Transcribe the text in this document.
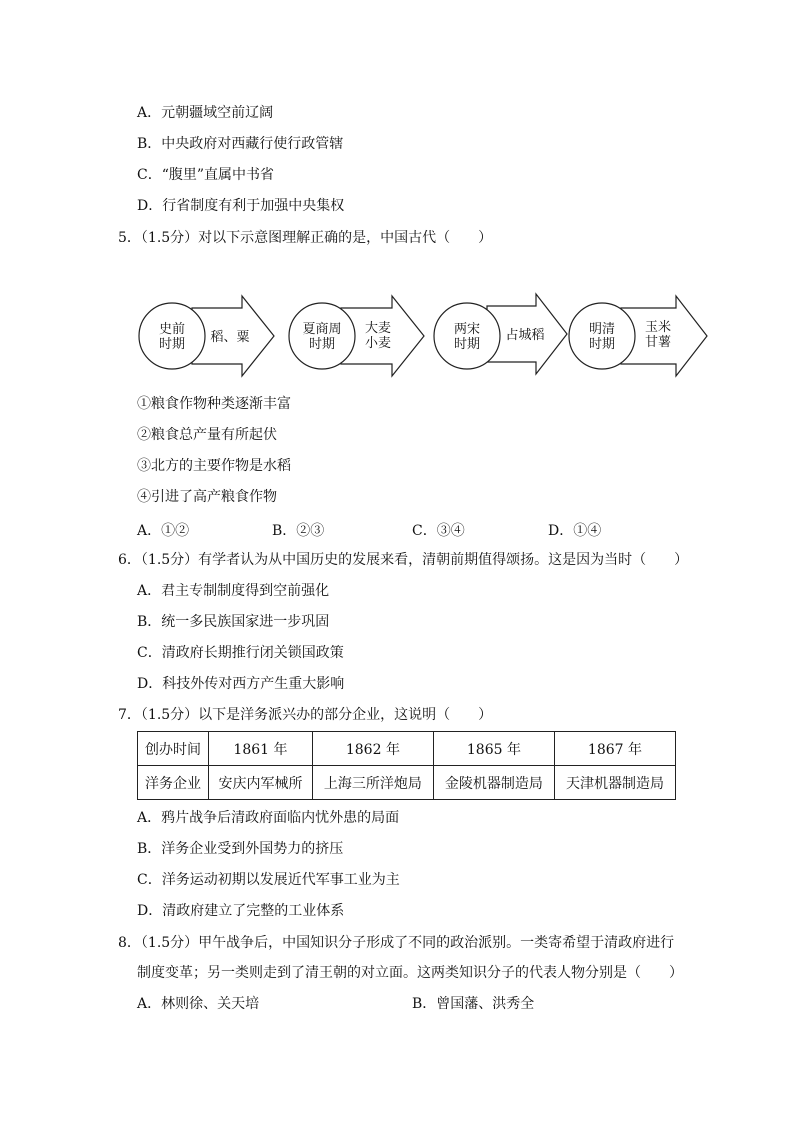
A．元朝疆域空前辽阔
B．中央政府对西藏行使行政管辖
C．“腹里”直属中书省
D．行省制度有利于加强中央集权
5．（1.5分）对以下示意图理解正确的是，中国古代（　　）
史前
时期 稻、粟
夏商周
时期
大麦
小麦
两宋
时期
占城稻	明清
时期
玉米
甘薯
①粮食作物种类逐渐丰富
②粮食总产量有所起伏
③北方的主要作物是水稻
④引进了高产粮食作物
A．①②	B．②③	C．③④	D．①④
6．（1.5分）有学者认为从中国历史的发展来看，清朝前期值得颂扬。这是因为当时（　　）
A．君主专制制度得到空前强化
B．统一多民族国家进一步巩固
C．清政府长期推行闭关锁国政策
D．科技外传对西方产生重大影响
7．（1.5分）以下是洋务派兴办的部分企业，这说明（　　）
创办时间	1861 年	1862 年	1865 年	1867 年
洋务企业	安庆内军械所	上海三所洋炮局	金陵机器制造局	天津机器制造局
A．鸦片战争后清政府面临内忧外患的局面
B．洋务企业受到外国势力的挤压
C．洋务运动初期以发展近代军事工业为主
D．清政府建立了完整的工业体系
8．（1.5分）甲午战争后，中国知识分子形成了不同的政治派别。一类寄希望于清政府进行
制度变革；另一类则走到了清王朝的对立面。这两类知识分子的代表人物分别是（　　）
A．林则徐、关天培	B．曾国藩、洪秀全
